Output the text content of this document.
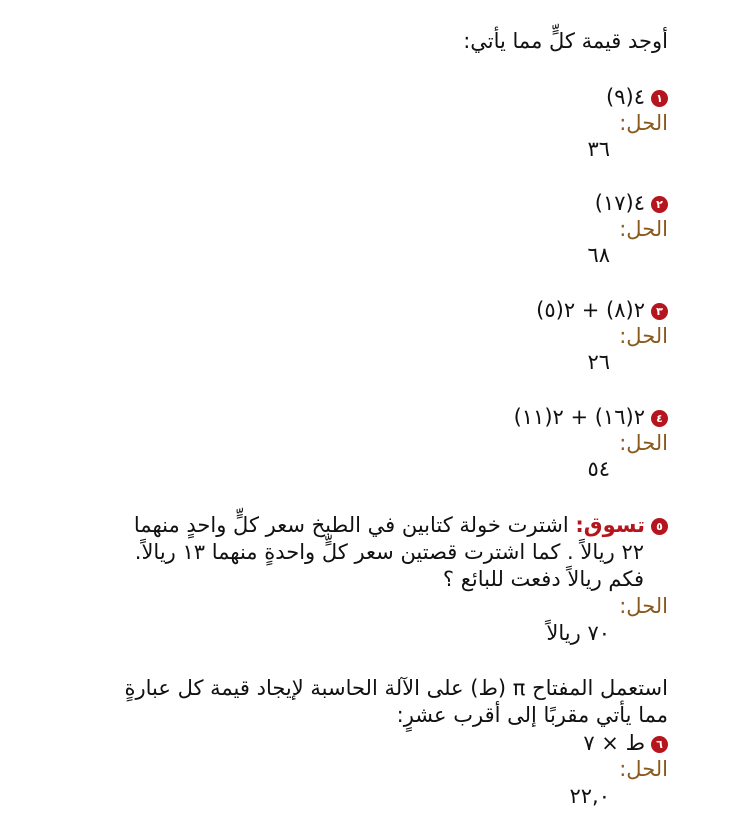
أوجد قيمة كلٍّ مما يأتي:
١٤(٩)
الحل:
٣٦
٢٤(١٧)
الحل:
٦٨
٣٢(٨) + ٢(٥)
الحل:
٢٦
٤٢(١٦) + ٢(١١)
الحل:
٥٤
٥تسوق: اشترت خولة كتابين في الطبخ سعر كلٍّ واحدٍ منهما
٢٢ ريالاً . كما اشترت قصتين سعر كلٍّ واحدةٍ منهما ١٣ ريالاً.
فكم ريالاً دفعت للبائع ؟
الحل:
٧٠ ريالاً
استعمل المفتاح π (ط) على الآلة الحاسبة لإيجاد قيمة كل عبارةٍ
مما يأتي مقربًا إلى أقرب عشرٍ:
٦ط × ٧
الحل:
٢٢,٠
